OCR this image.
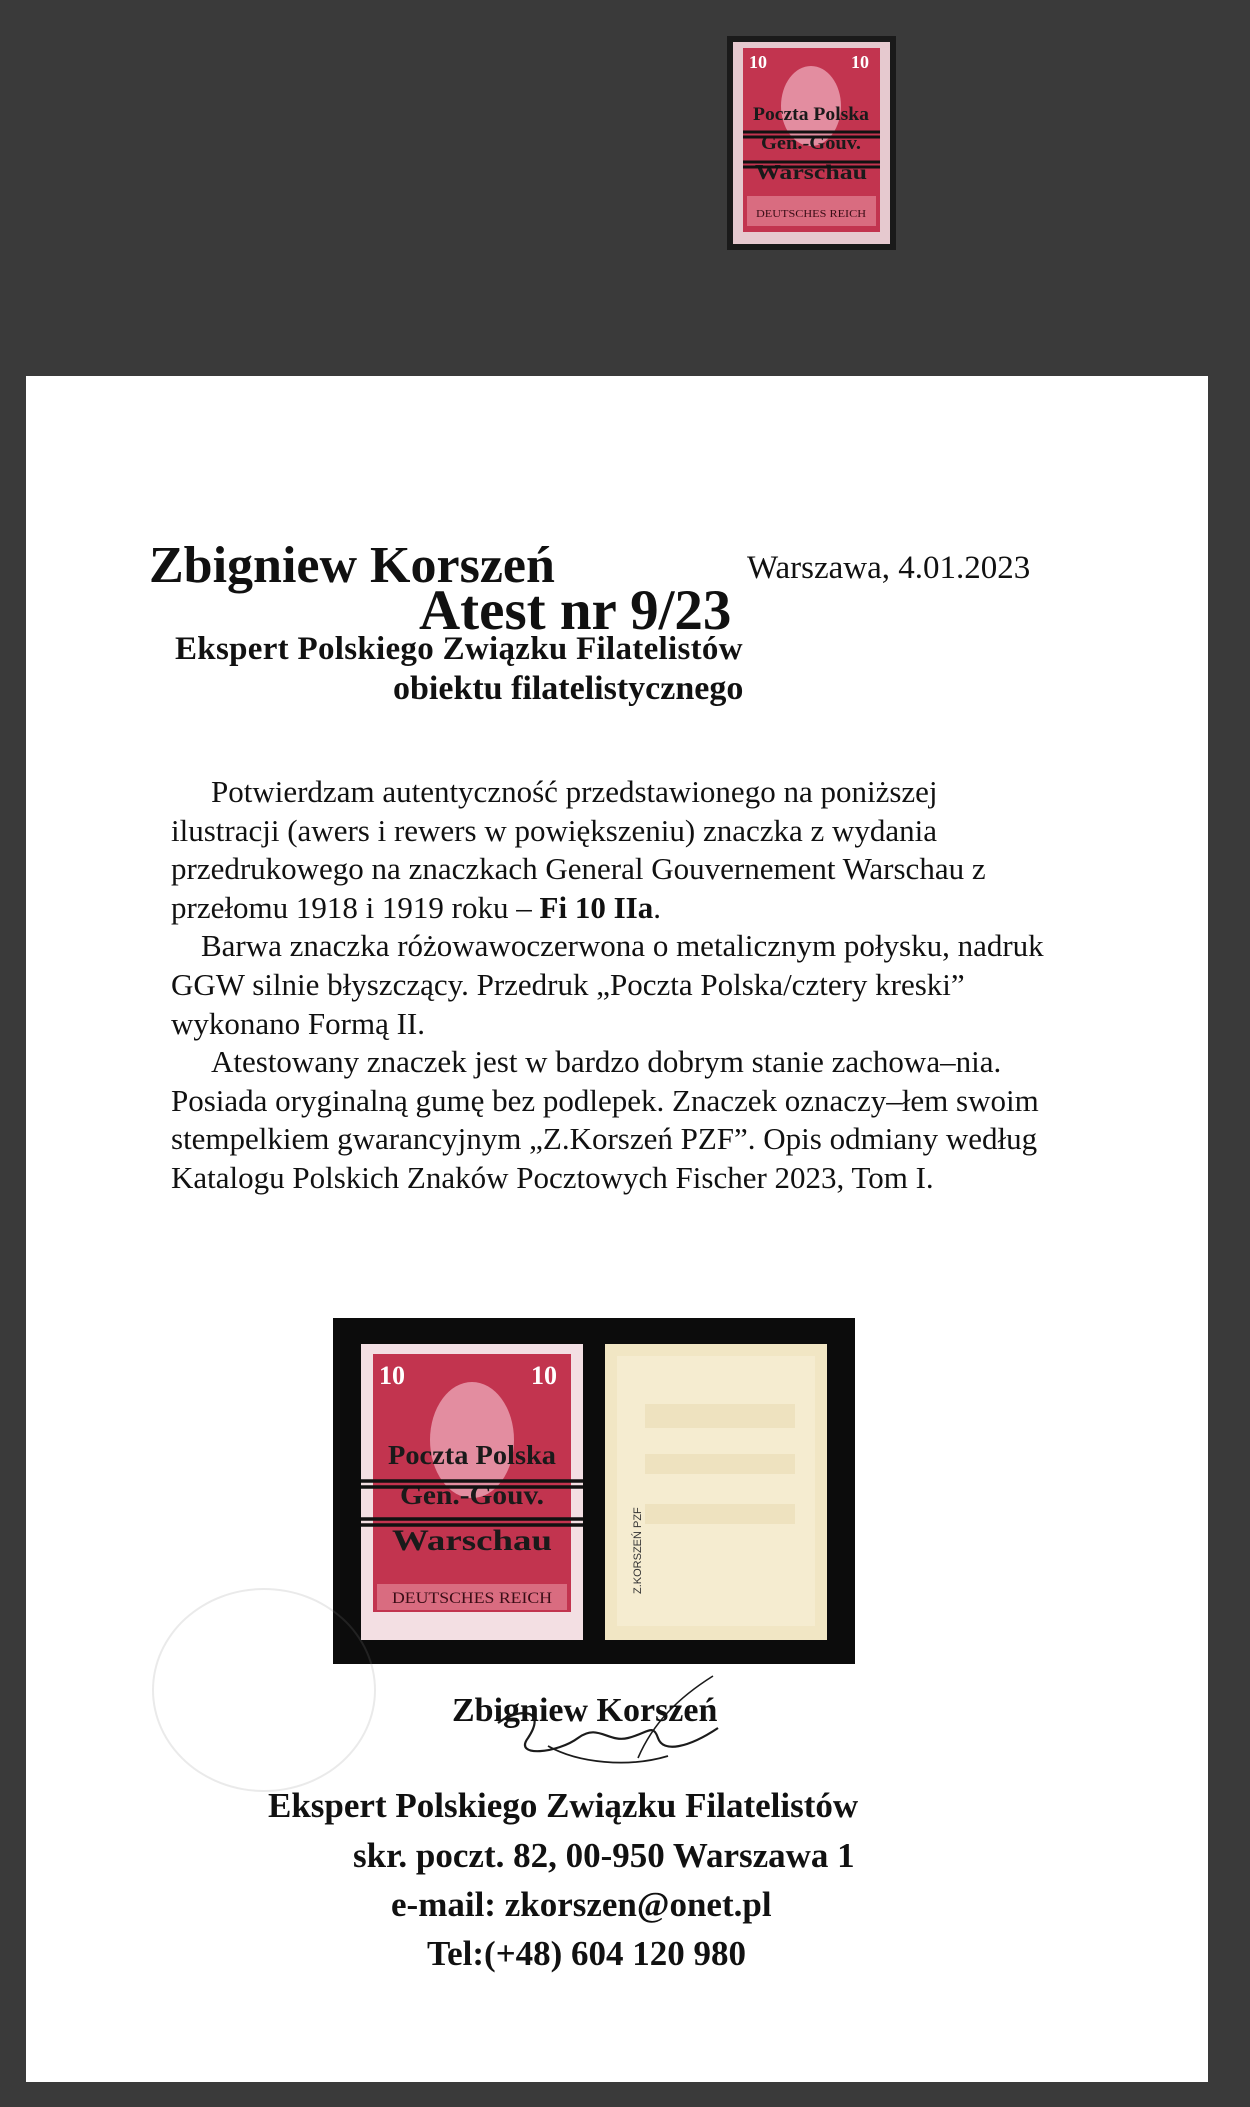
10	10
Poczta Polska
Gen.-Gouv.
Warschau
DEUTSCHES REICH
Zbigniew Korszeń	Warszawa, 4.01.2023
Ekspert Polskiego Związku Filatelistów
Atest nr 9/23
obiektu filatelistycznego

Potwierdzam autentyczność przedstawionego na poniższej ilustracji (awers i rewers w powiększeniu) znaczka z wydania przedrukowego na znaczkach General Gouvernement Warschau z przełomu 1918 i 1919 roku – Fi 10 IIa.

Barwa znaczka różowawoczerwona o metalicznym połysku, nadruk GGW silnie błyszczący. Przedruk „Poczta Polska/cztery kreski” wykonano Formą II.

Atestowany znaczek jest w bardzo dobrym stanie zachowa–nia. Posiada oryginalną gumę bez podlepek. Znaczek oznaczy–łem swoim stempelkiem gwarancyjnym „Z.Korszeń PZF”. Opis odmiany według Katalogu Polskich Znaków Pocztowych Fischer 2023, Tom I.

10	10
Poczta Polska
Gen.-Gouv.
Warschau
DEUTSCHES REICH
Z.KORSZEŃ PZF
Zbigniew Korszeń
Ekspert Polskiego Związku Filatelistów
skr. poczt. 82, 00-950 Warszawa 1
e-mail: zkorszen@onet.pl
Tel:(+48) 604 120 980
